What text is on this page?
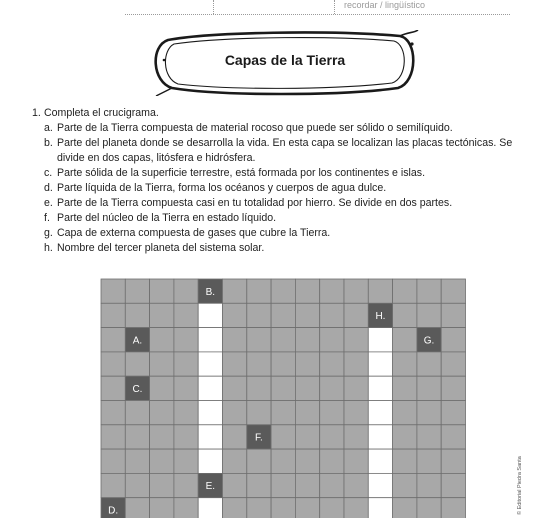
recordar / lingüístico
Capas de la Tierra
1. Completa el crucigrama.
a. Parte de la Tierra compuesta de material rocoso que puede ser sólido o semilíquido.
b. Parte del planeta donde se desarrolla la vida. En esta capa se localizan las placas tectónicas. Se divide en dos capas, litósfera e hidrósfera.
c. Parte sólida de la superficie terrestre, está formada por los continentes e islas.
d. Parte líquida de la Tierra, forma los océanos y cuerpos de agua dulce.
e. Parte de la Tierra compuesta casi en tu totalidad por hierro. Se divide en dos partes.
f. Parte del núcleo de la Tierra en estado líquido.
g. Capa de externa compuesta de gases que cubre la Tierra.
h. Nombre del tercer planeta del sistema solar.
B.
H.
A.	G.
C.
F.
E.
D.	© Editorial Piedra Santa
